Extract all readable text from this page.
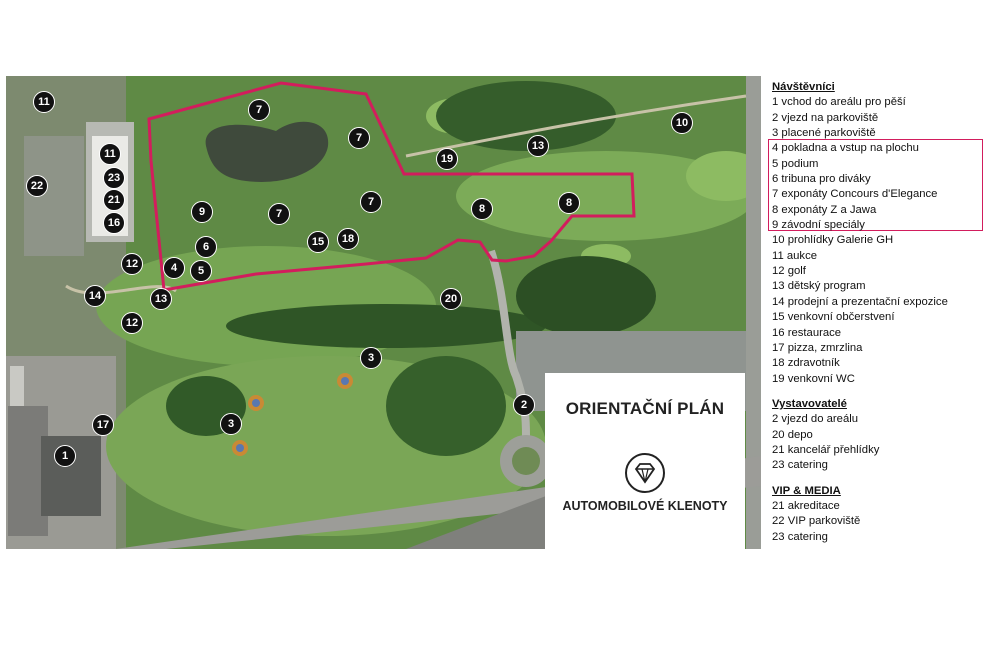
11
11
22
23
21
16
12
14
12
13
4	5
6
9
7
7
7
7
15	18
19
13
10
8	8
20
3
3
2
17
1
ORIENTAČNÍ PLÁN
AUTOMOBILOVÉ KLENOTY
Návštěvníci
1 vchod do areálu pro pěší
2 vjezd na parkoviště
3 placené parkoviště
4 pokladna a vstup na plochu
5 podium
6 tribuna pro diváky
7 exponáty Concours d'Elegance
8 exponáty Z a Jawa
9 závodní speciály
10 prohlídky Galerie GH
11 aukce
12 golf
13 dětský program
14 prodejní a prezentační expozice
15 venkovní občerstvení
16 restaurace
17 pizza, zmrzlina
18 zdravotník
19 venkovní WC
Vystavovatelé
2 vjezd do areálu
20 depo
21 kancelář přehlídky
23 catering
VIP & MEDIA
21 akreditace
22 VIP parkoviště
23 catering
